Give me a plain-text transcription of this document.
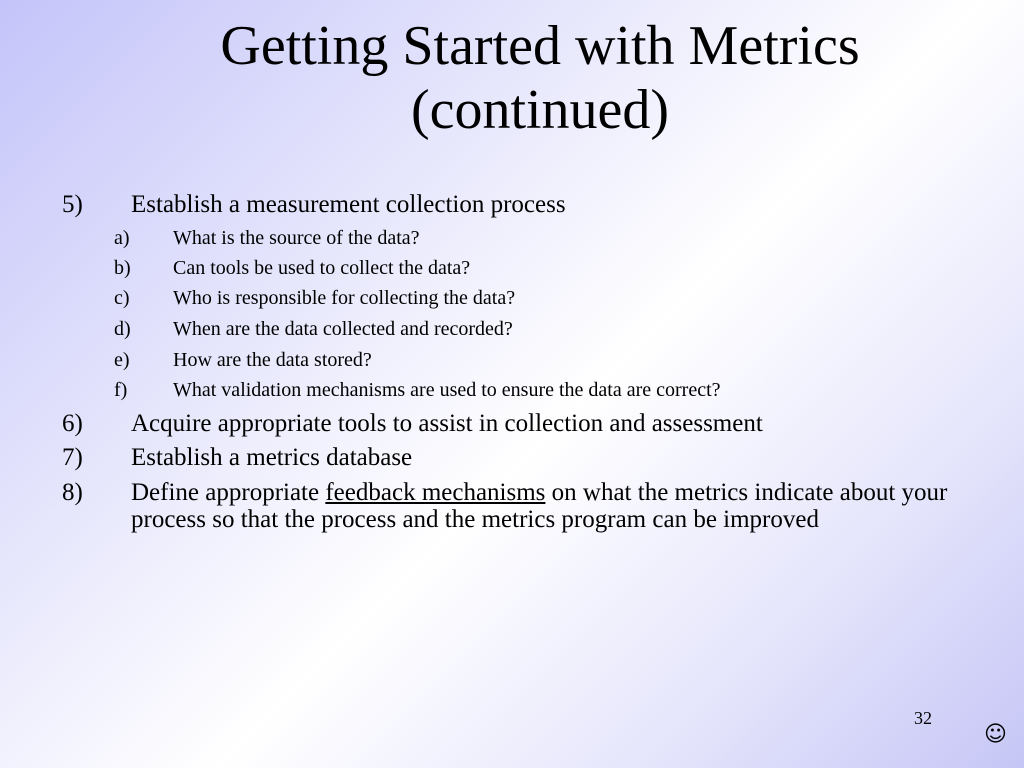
Getting Started with Metrics
(continued)
5) Establish a measurement collection process
a) What is the source of the data?
b) Can tools be used to collect the data?
c) Who is responsible for collecting the data?
d) When are the data collected and recorded?
e) How are the data stored?
f) What validation mechanisms are used to ensure the data are correct?
6) Acquire appropriate tools to assist in collection and assessment
7) Establish a metrics database
8) Define appropriate feedback mechanisms on what the metrics indicate about your process so that the process and the metrics program can be improved
32
☺
